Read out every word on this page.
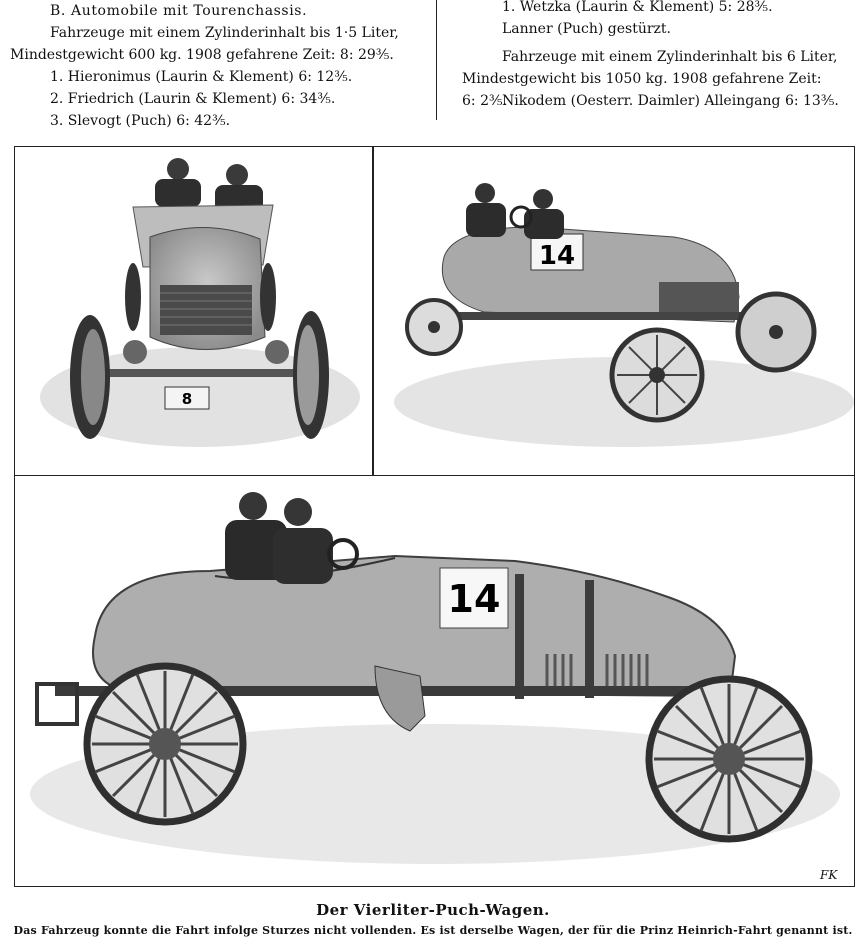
B. Automobile mit Tourenchassis.
Fahrzeuge mit einem Zylinderinhalt bis 1·5 Liter,
Mindestgewicht 600 kg. 1908 gefahrene Zeit: 8: 29⅗.
1. Hieronimus (Laurin & Klement) 6: 12⅗.
2. Friedrich (Laurin & Klement) 6: 34⅗.
3. Slevogt (Puch) 6: 42⅗.
1. Wetzka (Laurin & Klement) 5: 28⅗.
Lanner (Puch) gestürzt.
Fahrzeuge mit einem Zylinderinhalt bis 6 Liter,
Mindestgewicht bis 1050 kg. 1908 gefahrene Zeit:
6: 2⅗.
Nikodem (Oesterr. Daimler) Alleingang 6: 13⅗.
8
14
14
FK
Der Vierliter-Puch-Wagen.
Das Fahrzeug konnte die Fahrt infolge Sturzes nicht vollenden. Es ist derselbe Wagen, der für die Prinz Heinrich-Fahrt genannt ist.
